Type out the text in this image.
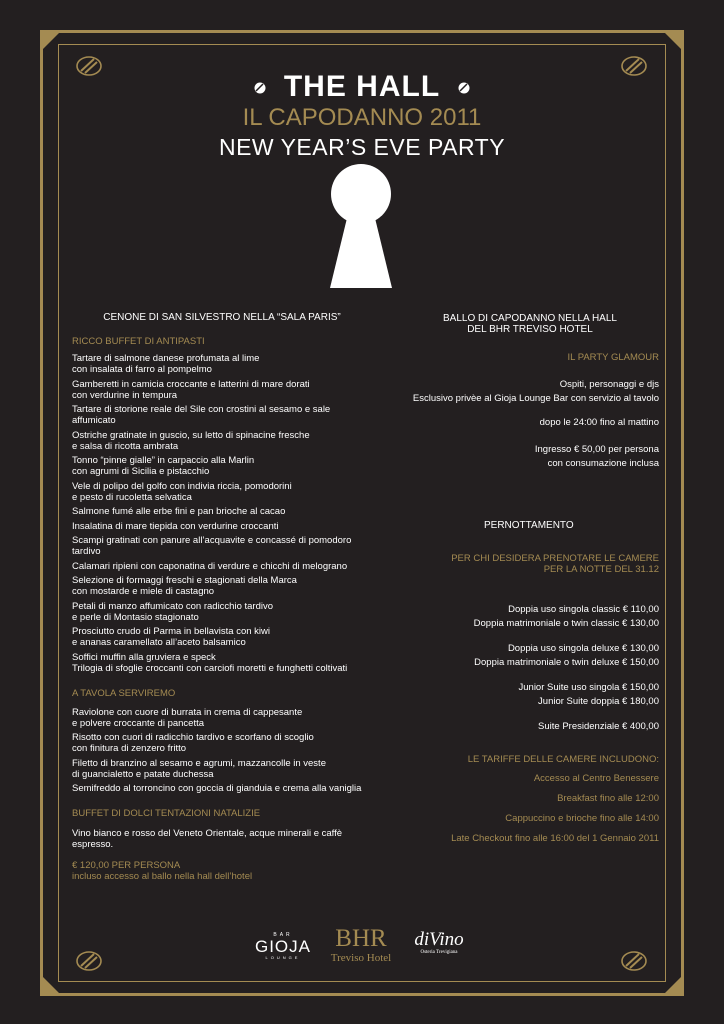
THE HALL
IL CAPODANNO 2011
NEW YEAR’S EVE PARTY
CENONE DI SAN SILVESTRO NELLA “SALA PARIS”
RICCO BUFFET DI ANTIPASTI
Tartare di salmone danese profumata al lime
con insalata di farro al pompelmo
Gamberetti in camicia croccante e latterini di mare dorati
con verdurine in tempura
Tartare di storione reale del Sile con crostini al sesamo e sale affumicato
Ostriche gratinate in guscio, su letto di spinacine fresche
e salsa di ricotta ambrata
Tonno “pinne gialle” in carpaccio alla Marlin
con agrumi di Sicilia e pistacchio
Vele di polipo del golfo con indivia riccia, pomodorini
e pesto di rucoletta selvatica
Salmone fumé alle erbe fini e pan brioche al cacao
Insalatina di mare tiepida con verdurine croccanti
Scampi gratinati con panure all’acquavite e concassé di pomodoro tardivo
Calamari ripieni con caponatina di verdure e chicchi di melograno
Selezione di formaggi freschi e stagionati della Marca
con mostarde e miele di castagno
Petali di manzo affumicato con radicchio tardivo
e perle di Montasio stagionato
Prosciutto crudo di Parma in bellavista con kiwi
e ananas caramellato all’aceto balsamico
Soffici muffin alla gruviera e speck
Trilogia di sfoglie croccanti con carciofi moretti e funghetti coltivati
A TAVOLA SERVIREMO
Raviolone con cuore di burrata in crema di cappesante
e polvere croccante di pancetta
Risotto con cuori di radicchio tardivo e scorfano di scoglio
con finitura di zenzero fritto
Filetto di branzino al sesamo e agrumi, mazzancolle in veste
di guancialetto e patate duchessa
Semifreddo al torroncino con goccia di gianduia e crema alla vaniglia
BUFFET DI DOLCI TENTAZIONI NATALIZIE
Vino bianco e rosso del Veneto Orientale, acque minerali e caffè espresso.
€ 120,00 PER PERSONA
incluso accesso al ballo nella hall dell’hotel
BALLO DI CAPODANNO NELLA HALL
DEL BHR TREVISO HOTEL
IL PARTY GLAMOUR
Ospiti, personaggi e djs
Esclusivo privèe al Gioja Lounge Bar con servizio al tavolo
dopo le 24:00 fino al mattino
Ingresso € 50,00 per persona
con consumazione inclusa
PERNOTTAMENTO
PER CHI DESIDERA PRENOTARE LE CAMERE
PER LA NOTTE DEL 31.12
Doppia uso singola classic € 110,00
Doppia matrimoniale o twin classic € 130,00
Doppia uso singola deluxe € 130,00
Doppia matrimoniale o twin deluxe € 150,00
Junior Suite uso singola € 150,00
Junior Suite doppia € 180,00
Suite Presidenziale € 400,00
LE TARIFFE DELLE CAMERE INCLUDONO:
Accesso al Centro Benessere
Breakfast fino alle 12:00
Cappuccino e brioche fino alle 14:00
Late Checkout fino alle 16:00 del 1 Gennaio 2011
BAR
GIOJA
LOUNGE
BHR
Treviso Hotel
diVino
Osteria Trevigiana
